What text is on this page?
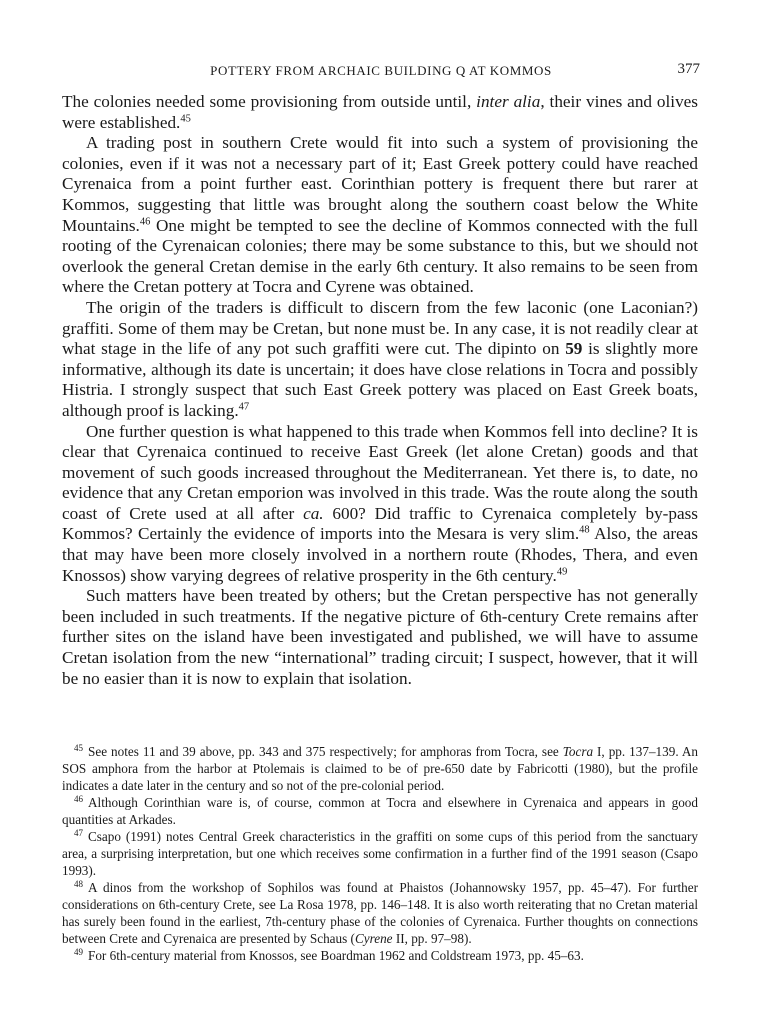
POTTERY FROM ARCHAIC BUILDING Q AT KOMMOS	377

The colonies needed some provisioning from outside until, inter alia, their vines and olives were established.$^{45}$

A trading post in southern Crete would fit into such a system of provisioning the colonies, even if it was not a necessary part of it; East Greek pottery could have reached Cyrenaica from a point further east. Corinthian pottery is frequent there but rarer at Kommos, suggesting that little was brought along the southern coast below the White Mountains.$^{46}$ One might be tempted to see the decline of Kommos connected with the full rooting of the Cyrenaican colonies; there may be some substance to this, but we should not overlook the general Cretan demise in the early 6th century. It also remains to be seen from where the Cretan pottery at Tocra and Cyrene was obtained.

The origin of the traders is difficult to discern from the few laconic (one Laconian?) graffiti. Some of them may be Cretan, but none must be. In any case, it is not readily clear at what stage in the life of any pot such graffiti were cut. The dipinto on 59 is slightly more informative, although its date is uncertain; it does have close relations in Tocra and possibly Histria. I strongly suspect that such East Greek pottery was placed on East Greek boats, although proof is lacking.$^{47}$

One further question is what happened to this trade when Kommos fell into decline? It is clear that Cyrenaica continued to receive East Greek (let alone Cretan) goods and that movement of such goods increased throughout the Mediterranean. Yet there is, to date, no evidence that any Cretan emporion was involved in this trade. Was the route along the south coast of Crete used at all after ca. 600? Did traffic to Cyrenaica completely by-pass Kommos? Certainly the evidence of imports into the Mesara is very slim.$^{48}$ Also, the areas that may have been more closely involved in a northern route (Rhodes, Thera, and even Knossos) show varying degrees of relative prosperity in the 6th century.$^{49}$

Such matters have been treated by others; but the Cretan perspective has not generally been included in such treatments. If the negative picture of 6th-century Crete remains after further sites on the island have been investigated and published, we will have to assume Cretan isolation from the new “international” trading circuit; I suspect, however, that it will be no easier than it is now to explain that isolation.

$^{45}$ See notes 11 and 39 above, pp. 343 and 375 respectively; for amphoras from Tocra, see Tocra I, pp. 137–139. An SOS amphora from the harbor at Ptolemais is claimed to be of pre-650 date by Fabricotti (1980), but the profile indicates a date later in the century and so not of the pre-colonial period.

$^{46}$ Although Corinthian ware is, of course, common at Tocra and elsewhere in Cyrenaica and appears in good quantities at Arkades.

$^{47}$ Csapo (1991) notes Central Greek characteristics in the graffiti on some cups of this period from the sanctuary area, a surprising interpretation, but one which receives some confirmation in a further find of the 1991 season (Csapo 1993).

$^{48}$ A dinos from the workshop of Sophilos was found at Phaistos (Johannowsky 1957, pp. 45–47). For further considerations on 6th-century Crete, see La Rosa 1978, pp. 146–148. It is also worth reiterating that no Cretan material has surely been found in the earliest, 7th-century phase of the colonies of Cyrenaica. Further thoughts on connections between Crete and Cyrenaica are presented by Schaus (Cyrene II, pp. 97–98).

$^{49}$ For 6th-century material from Knossos, see Boardman 1962 and Coldstream 1973, pp. 45–63.
